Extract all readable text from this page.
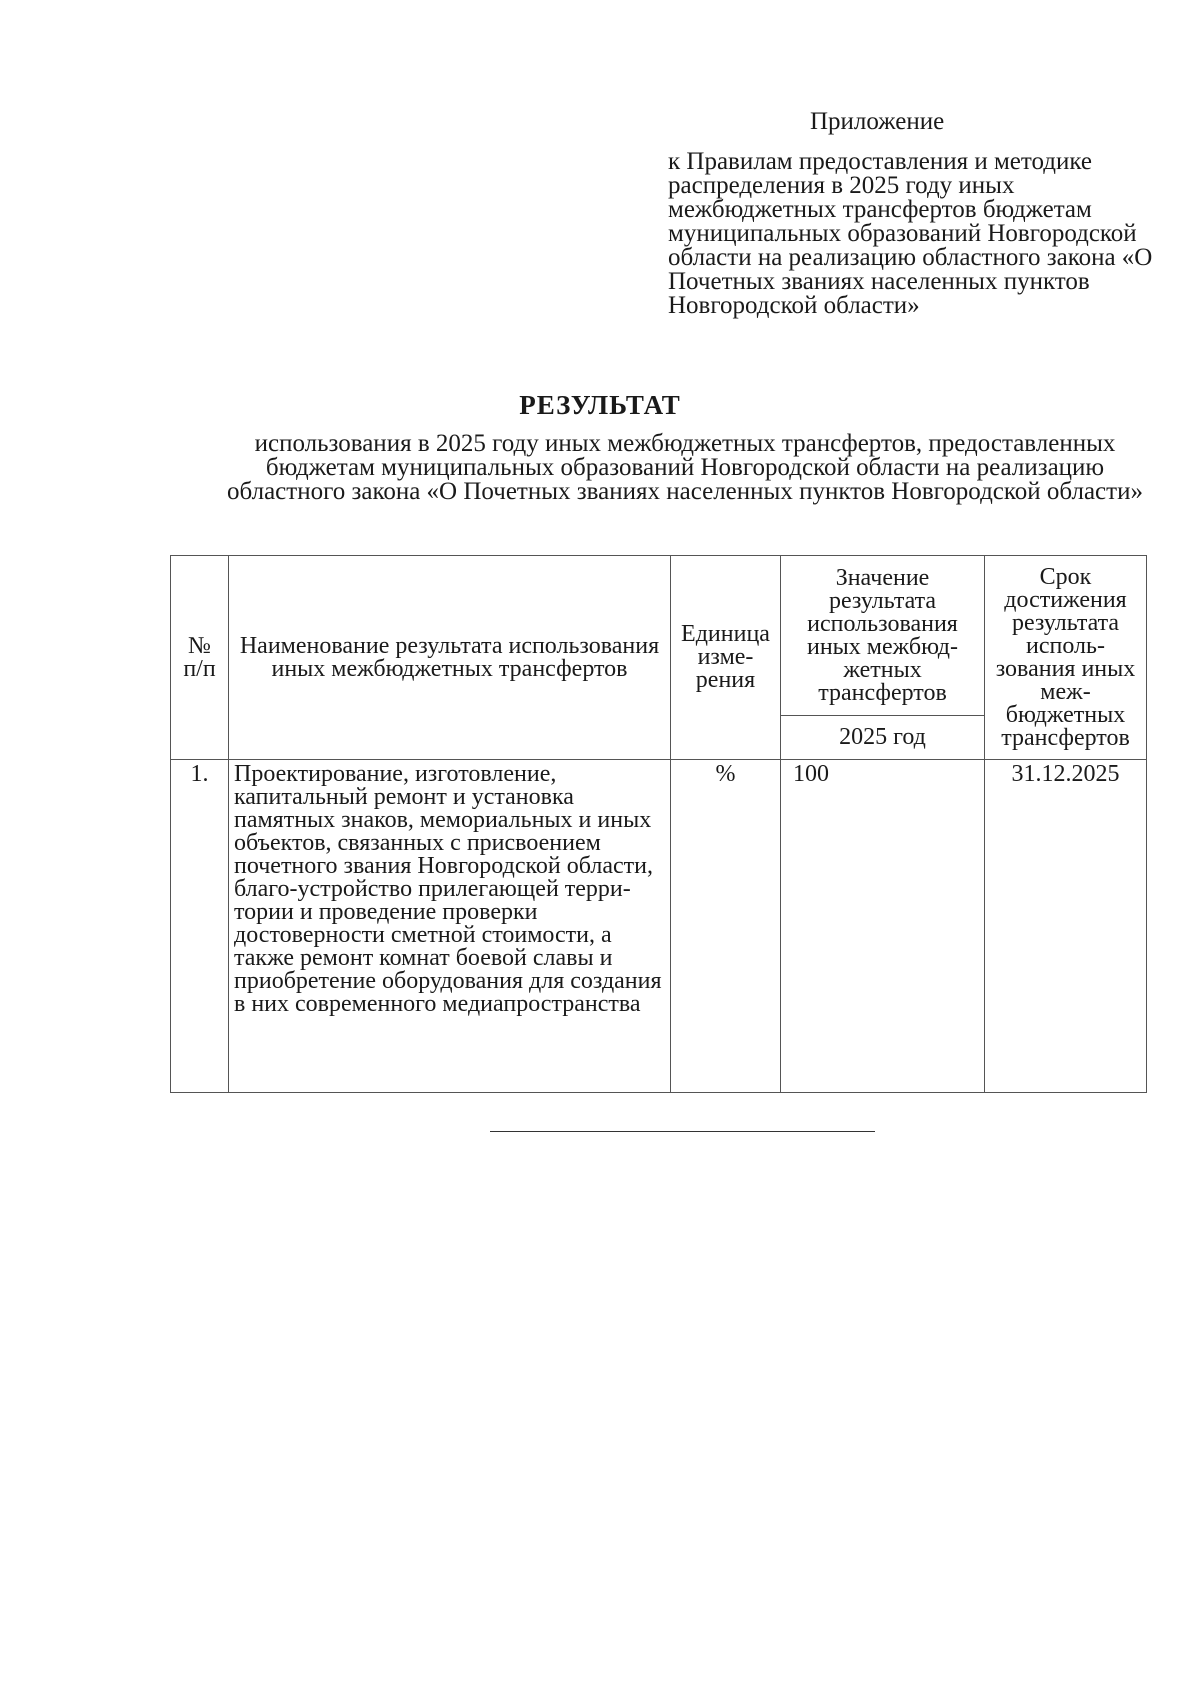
Приложение
к Правилам предоставления и методике распределения в 2025 году иных межбюджетных трансфертов бюджетам муниципальных образований Новгородской области на реализацию областного закона «О Почетных званиях населенных пунктов Новгородской области»
РЕЗУЛЬТАТ
использования в 2025 году иных межбюджетных трансфертов, предоставленных бюджетам муниципальных образований Новгородской области на реализацию областного закона «О Почетных званиях населенных пунктов Новгородской области»
№ п/п	Наименование результата использования иных межбюджетных трансфертов	Единица изме-рения	Значение результата использования иных межбюд-жетных трансфертов	Срок достижения результата исполь-зования иных меж-бюджетных трансфертов
			2025 год	
1.	Проектирование, изготовление, капитальный ремонт и установка памятных знаков, мемориальных и иных объектов, связанных с присвоением почетного звания Новгородской области, благо-устройство прилегающей терри-тории и проведение проверки достоверности сметной стоимости, а также ремонт комнат боевой славы и приобретение оборудования для создания в них современного медиапространства	%	100	31.12.2025
